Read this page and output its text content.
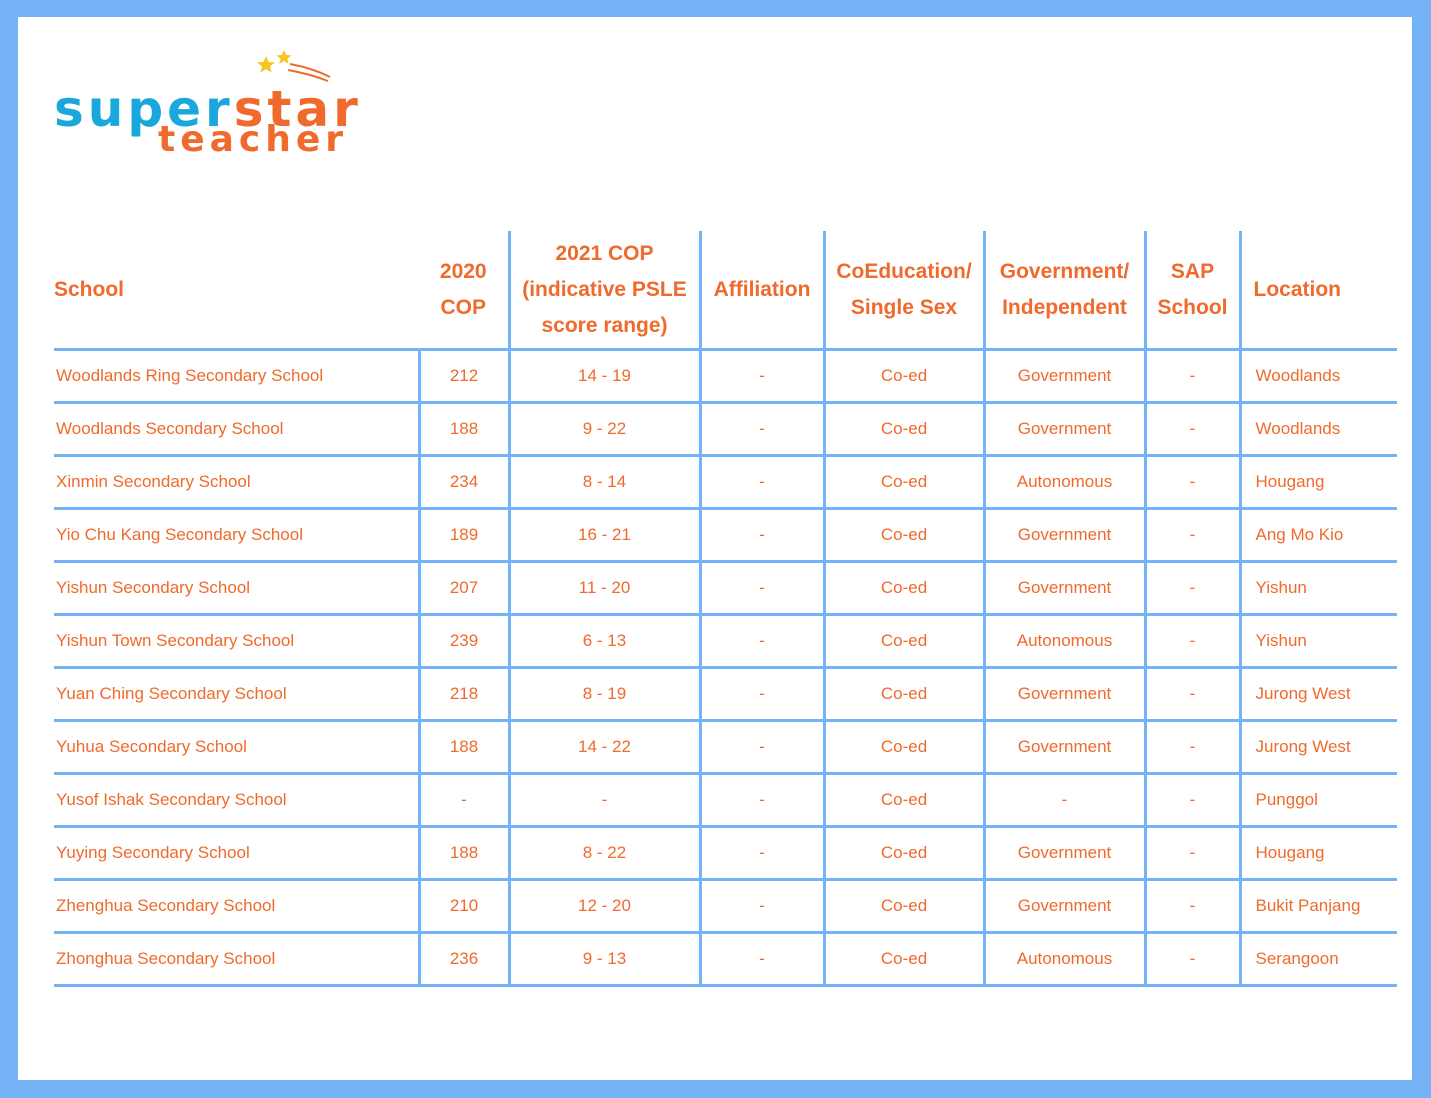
superstar
teacher
School	2020 COP	2021 COP (indicative PSLE score range)	Affiliation	CoEducation/ Single Sex	Government/ Independent	SAP School	Location
Woodlands Ring Secondary School	212	14 - 19	-	Co-ed	Government	-	Woodlands
Woodlands Secondary School	188	9 - 22	-	Co-ed	Government	-	Woodlands
Xinmin Secondary School	234	8 - 14	-	Co-ed	Autonomous	-	Hougang
Yio Chu Kang Secondary School	189	16 - 21	-	Co-ed	Government	-	Ang Mo Kio
Yishun Secondary School	207	11 - 20	-	Co-ed	Government	-	Yishun
Yishun Town Secondary School	239	6 - 13	-	Co-ed	Autonomous	-	Yishun
Yuan Ching Secondary School	218	8 - 19	-	Co-ed	Government	-	Jurong West
Yuhua Secondary School	188	14 - 22	-	Co-ed	Government	-	Jurong West
Yusof Ishak Secondary School	-	-	-	Co-ed	-	-	Punggol
Yuying Secondary School	188	8 - 22	-	Co-ed	Government	-	Hougang
Zhenghua Secondary School	210	12 - 20	-	Co-ed	Government	-	Bukit Panjang
Zhonghua Secondary School	236	9 - 13	-	Co-ed	Autonomous	-	Serangoon
